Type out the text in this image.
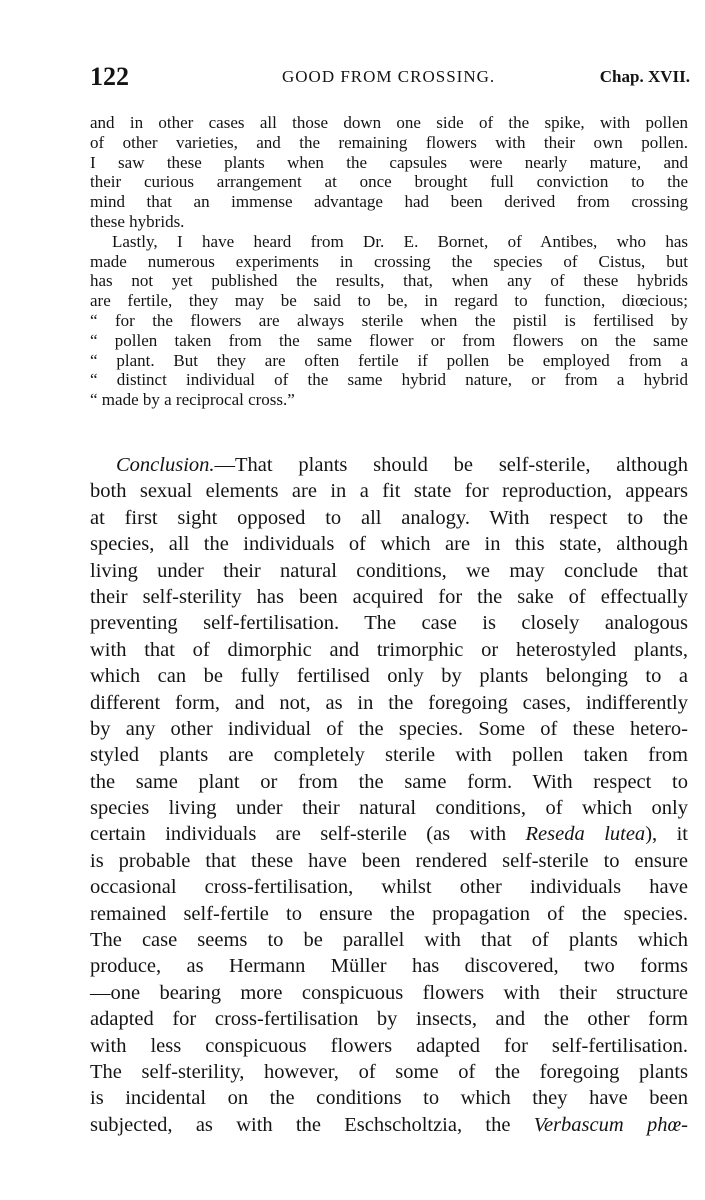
122	GOOD FROM CROSSING.	Chap. XVII.
and in other cases all those down one side of the spike, with pollen
of other varieties, and the remaining flowers with their own pollen.
I saw these plants when the capsules were nearly mature, and
their curious arrangement at once brought full conviction to the
mind that an immense advantage had been derived from crossing
these hybrids.
Lastly, I have heard from Dr. E. Bornet, of Antibes, who has
made numerous experiments in crossing the species of Cistus, but
has not yet published the results, that, when any of these hybrids
are fertile, they may be said to be, in regard to function, diœcious;
“ for the flowers are always sterile when the pistil is fertilised by
“ pollen taken from the same flower or from flowers on the same
“ plant. But they are often fertile if pollen be employed from a
“ distinct individual of the same hybrid nature, or from a hybrid
“ made by a reciprocal cross.”
Conclusion.—That plants should be self-sterile, although
both sexual elements are in a fit state for reproduction, appears
at first sight opposed to all analogy. With respect to the
species, all the individuals of which are in this state, although
living under their natural conditions, we may conclude that
their self-sterility has been acquired for the sake of effectually
preventing self-fertilisation. The case is closely analogous
with that of dimorphic and trimorphic or heterostyled plants,
which can be fully fertilised only by plants belonging to a
different form, and not, as in the foregoing cases, indifferently
by any other individual of the species. Some of these hetero-
styled plants are completely sterile with pollen taken from
the same plant or from the same form. With respect to
species living under their natural conditions, of which only
certain individuals are self-sterile (as with Reseda lutea), it
is probable that these have been rendered self-sterile to ensure
occasional cross-fertilisation, whilst other individuals have
remained self-fertile to ensure the propagation of the species.
The case seems to be parallel with that of plants which
produce, as Hermann Müller has discovered, two forms
—one bearing more conspicuous flowers with their structure
adapted for cross-fertilisation by insects, and the other form
with less conspicuous flowers adapted for self-fertilisation.
The self-sterility, however, of some of the foregoing plants
is incidental on the conditions to which they have been
subjected, as with the Eschscholtzia, the Verbascum phœ-
